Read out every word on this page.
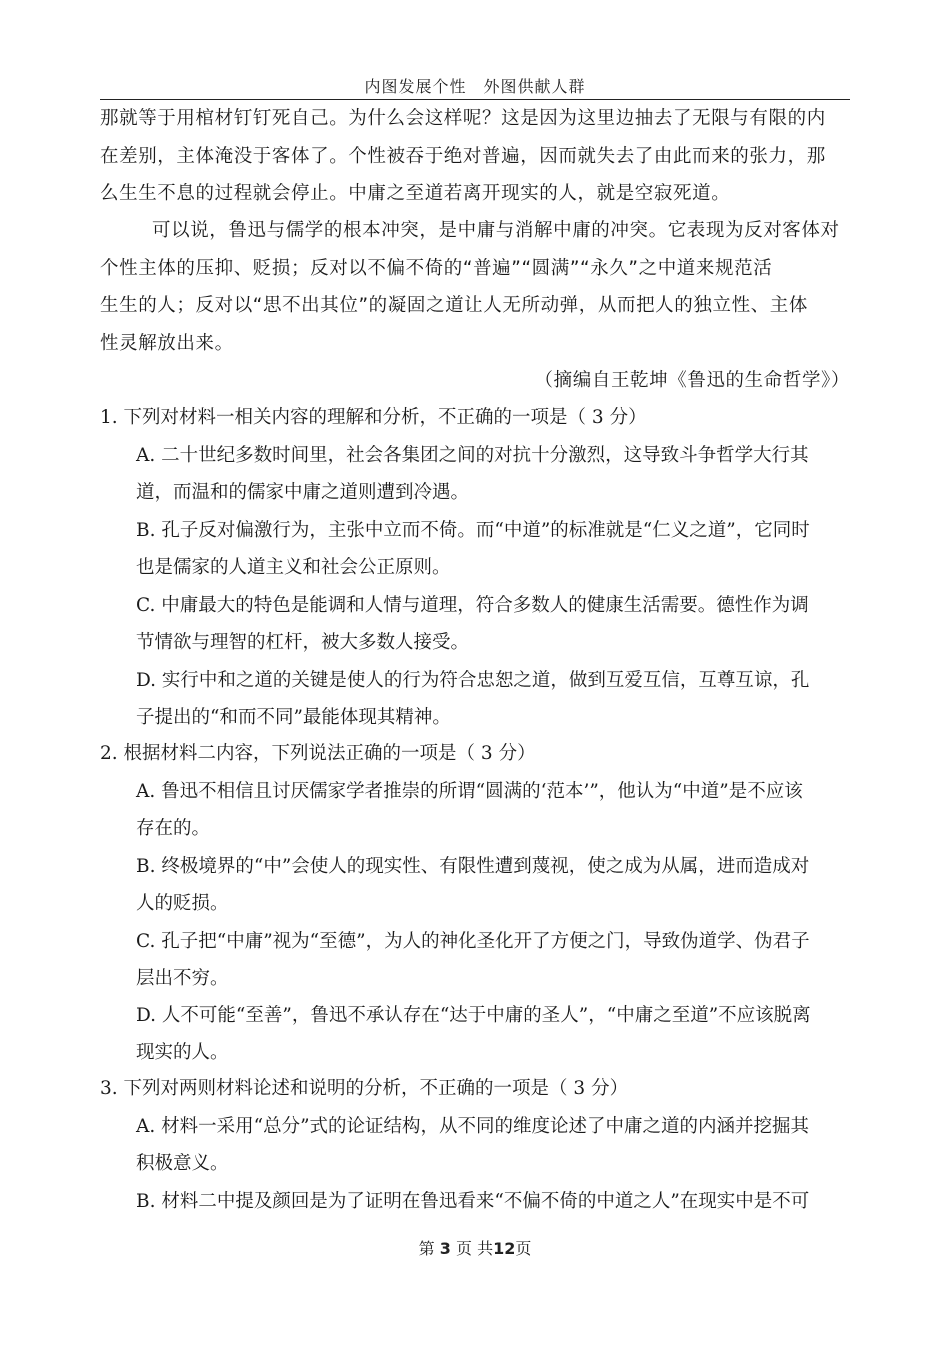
内图发展个性　外图供献人群
那就等于用棺材钉钉死自己。为什么会这样呢？这是因为这里边抽去了无限与有限的内
在差别，主体淹没于客体了。个性被吞于绝对普遍，因而就失去了由此而来的张力，那
么生生不息的过程就会停止。中庸之至道若离开现实的人，就是空寂死道。
可以说，鲁迅与儒学的根本冲突，是中庸与消解中庸的冲突。它表现为反对客体对
个性主体的压抑、贬损；反对以不偏不倚的“普遍”“圆满”“永久”之中道来规范活
生生的人；反对以“思不出其位”的凝固之道让人无所动弹，从而把人的独立性、主体
性灵解放出来。
（摘编自王乾坤《鲁迅的生命哲学》）
1. 下列对材料一相关内容的理解和分析，不正确的一项是（ 3 分）
A. 二十世纪多数时间里，社会各集团之间的对抗十分激烈，这导致斗争哲学大行其
道，而温和的儒家中庸之道则遭到冷遇。
B. 孔子反对偏激行为，主张中立而不倚。而“中道”的标准就是“仁义之道”，它同时
也是儒家的人道主义和社会公正原则。
C. 中庸最大的特色是能调和人情与道理，符合多数人的健康生活需要。德性作为调
节情欲与理智的杠杆，被大多数人接受。
D. 实行中和之道的关键是使人的行为符合忠恕之道，做到互爱互信，互尊互谅，孔
子提出的“和而不同”最能体现其精神。
2. 根据材料二内容，下列说法正确的一项是（ 3 分）
A. 鲁迅不相信且讨厌儒家学者推崇的所谓“圆满的‘范本’”，他认为“中道”是不应该
存在的。
B. 终极境界的“中”会使人的现实性、有限性遭到蔑视，使之成为从属，进而造成对
人的贬损。
C. 孔子把“中庸”视为“至德”，为人的神化圣化开了方便之门，导致伪道学、伪君子
层出不穷。
D. 人不可能“至善”，鲁迅不承认存在“达于中庸的圣人”，“中庸之至道”不应该脱离
现实的人。
3. 下列对两则材料论述和说明的分析，不正确的一项是（ 3 分）
A. 材料一采用“总分”式的论证结构，从不同的维度论述了中庸之道的内涵并挖掘其
积极意义。
B. 材料二中提及颜回是为了证明在鲁迅看来“不偏不倚的中道之人”在现实中是不可
第 3 页 共12页
